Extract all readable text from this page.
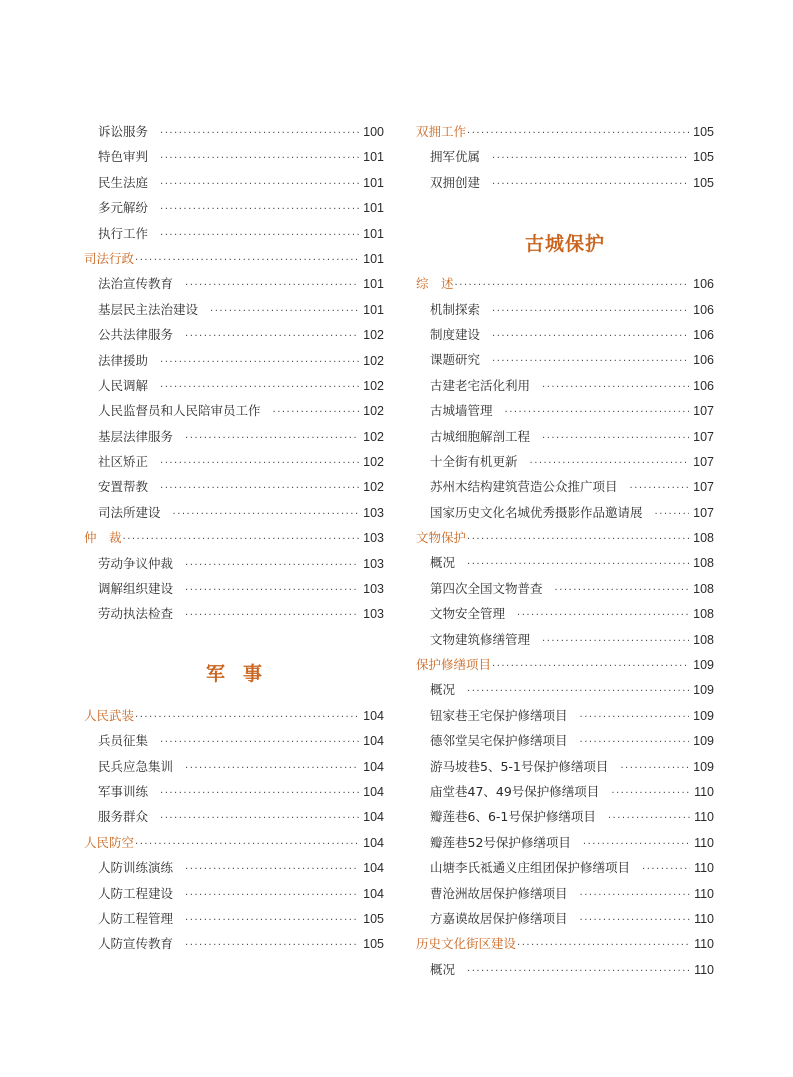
诉讼服务 ·····	100
特色审判 ·····	101
民生法庭 ·····	101
多元解纷 ·····	101
执行工作 ·····	101
司法行政 ·····	101
法治宣传教育 ·····	101
基层民主法治建设 ·····	101
公共法律服务 ·····	102
法律援助 ·····	102
人民调解 ·····	102
人民监督员和人民陪审员工作 ·····	102
基层法律服务 ·····	102
社区矫正 ·····	102
安置帮教 ·····	102
司法所建设 ·····	103
仲　裁 ·····	103
劳动争议仲裁 ·····	103
调解组织建设 ·····	103
劳动执法检查 ·····	103
军事
人民武装 ·····	104
兵员征集 ·····	104
民兵应急集训 ·····	104
军事训练 ·····	104
服务群众 ·····	104
人民防空 ·····	104
人防训练演练 ·····	104
人防工程建设 ·····	104
人防工程管理 ·····	105
人防宣传教育 ·····	105
双拥工作 ·····	105
拥军优属 ·····	105
双拥创建 ·····	105
古城保护
综　述 ·····	106
机制探索 ·····	106
制度建设 ·····	106
课题研究 ·····	106
古建老宅活化利用 ·····	106
古城墙管理 ·····	107
古城细胞解剖工程 ·····	107
十全街有机更新 ·····	107
苏州木结构建筑营造公众推广项目 ·····	107
国家历史文化名城优秀摄影作品邀请展 ·····	107
文物保护 ·····	108
概况 ·····	108
第四次全国文物普查 ·····	108
文物安全管理 ·····	108
文物建筑修缮管理 ·····	108
保护修缮项目 ·····	109
概况 ·····	109
钮家巷王宅保护修缮项目 ·····	109
德邻堂吴宅保护修缮项目 ·····	109
游马坡巷5、5-1号保护修缮项目 ·····	109
庙堂巷47、49号保护修缮项目 ·····	110
瓣莲巷6、6-1号保护修缮项目 ·····	110
瓣莲巷52号保护修缮项目 ·····	110
山塘李氏祗遹义庄组团保护修缮项目 ·····	110
曹沧洲故居保护修缮项目 ·····	110
方嘉谟故居保护修缮项目 ·····	110
历史文化街区建设 ·····	110
概况 ·····	110
